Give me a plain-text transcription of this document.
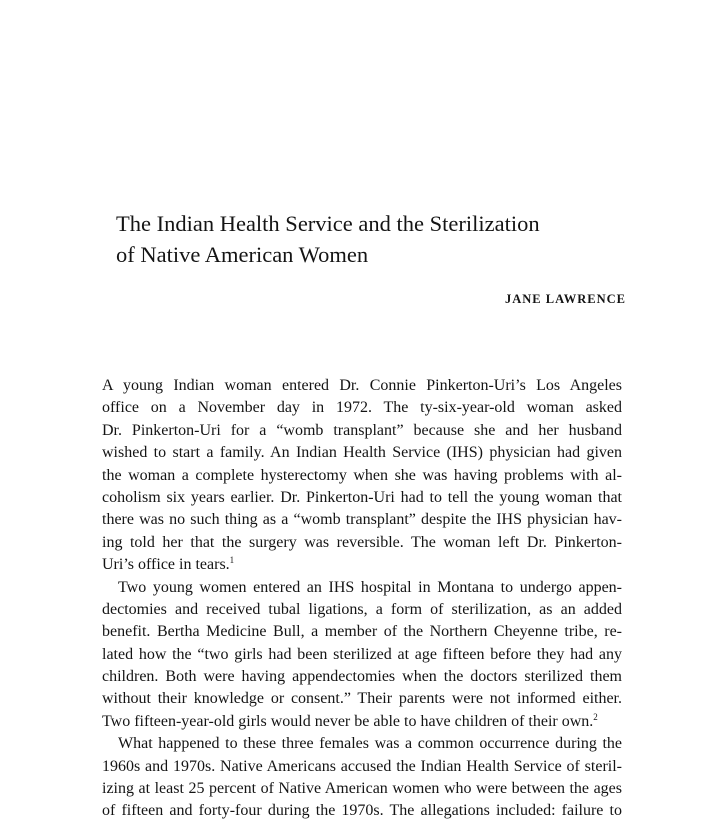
The Indian Health Service and the Sterilization
of Native American Women
JANE LAWRENCE
A young Indian woman entered Dr. Connie Pinkerton-Uri’s Los Angeles
office on a November day in 1972. The ty-six-year-old woman asked
Dr. Pinkerton-Uri for a “womb transplant” because she and her husband
wished to start a family. An Indian Health Service (IHS) physician had given
the woman a complete hysterectomy when she was having problems with al-
coholism six years earlier. Dr. Pinkerton-Uri had to tell the young woman that
there was no such thing as a “womb transplant” despite the IHS physician hav-
ing told her that the surgery was reversible. The woman left Dr. Pinkerton-
Uri’s office in tears.$^1$
Two young women entered an IHS hospital in Montana to undergo appen-
dectomies and received tubal ligations, a form of sterilization, as an added
benefit. Bertha Medicine Bull, a member of the Northern Cheyenne tribe, re-
lated how the “two girls had been sterilized at age fifteen before they had any
children. Both were having appendectomies when the doctors sterilized them
without their knowledge or consent.” Their parents were not informed either.
Two fifteen-year-old girls would never be able to have children of their own.$^2$
What happened to these three females was a common occurrence during the
1960s and 1970s. Native Americans accused the Indian Health Service of steril-
izing at least 25 percent of Native American women who were between the ages
of fifteen and forty-four during the 1970s. The allegations included: failure to
